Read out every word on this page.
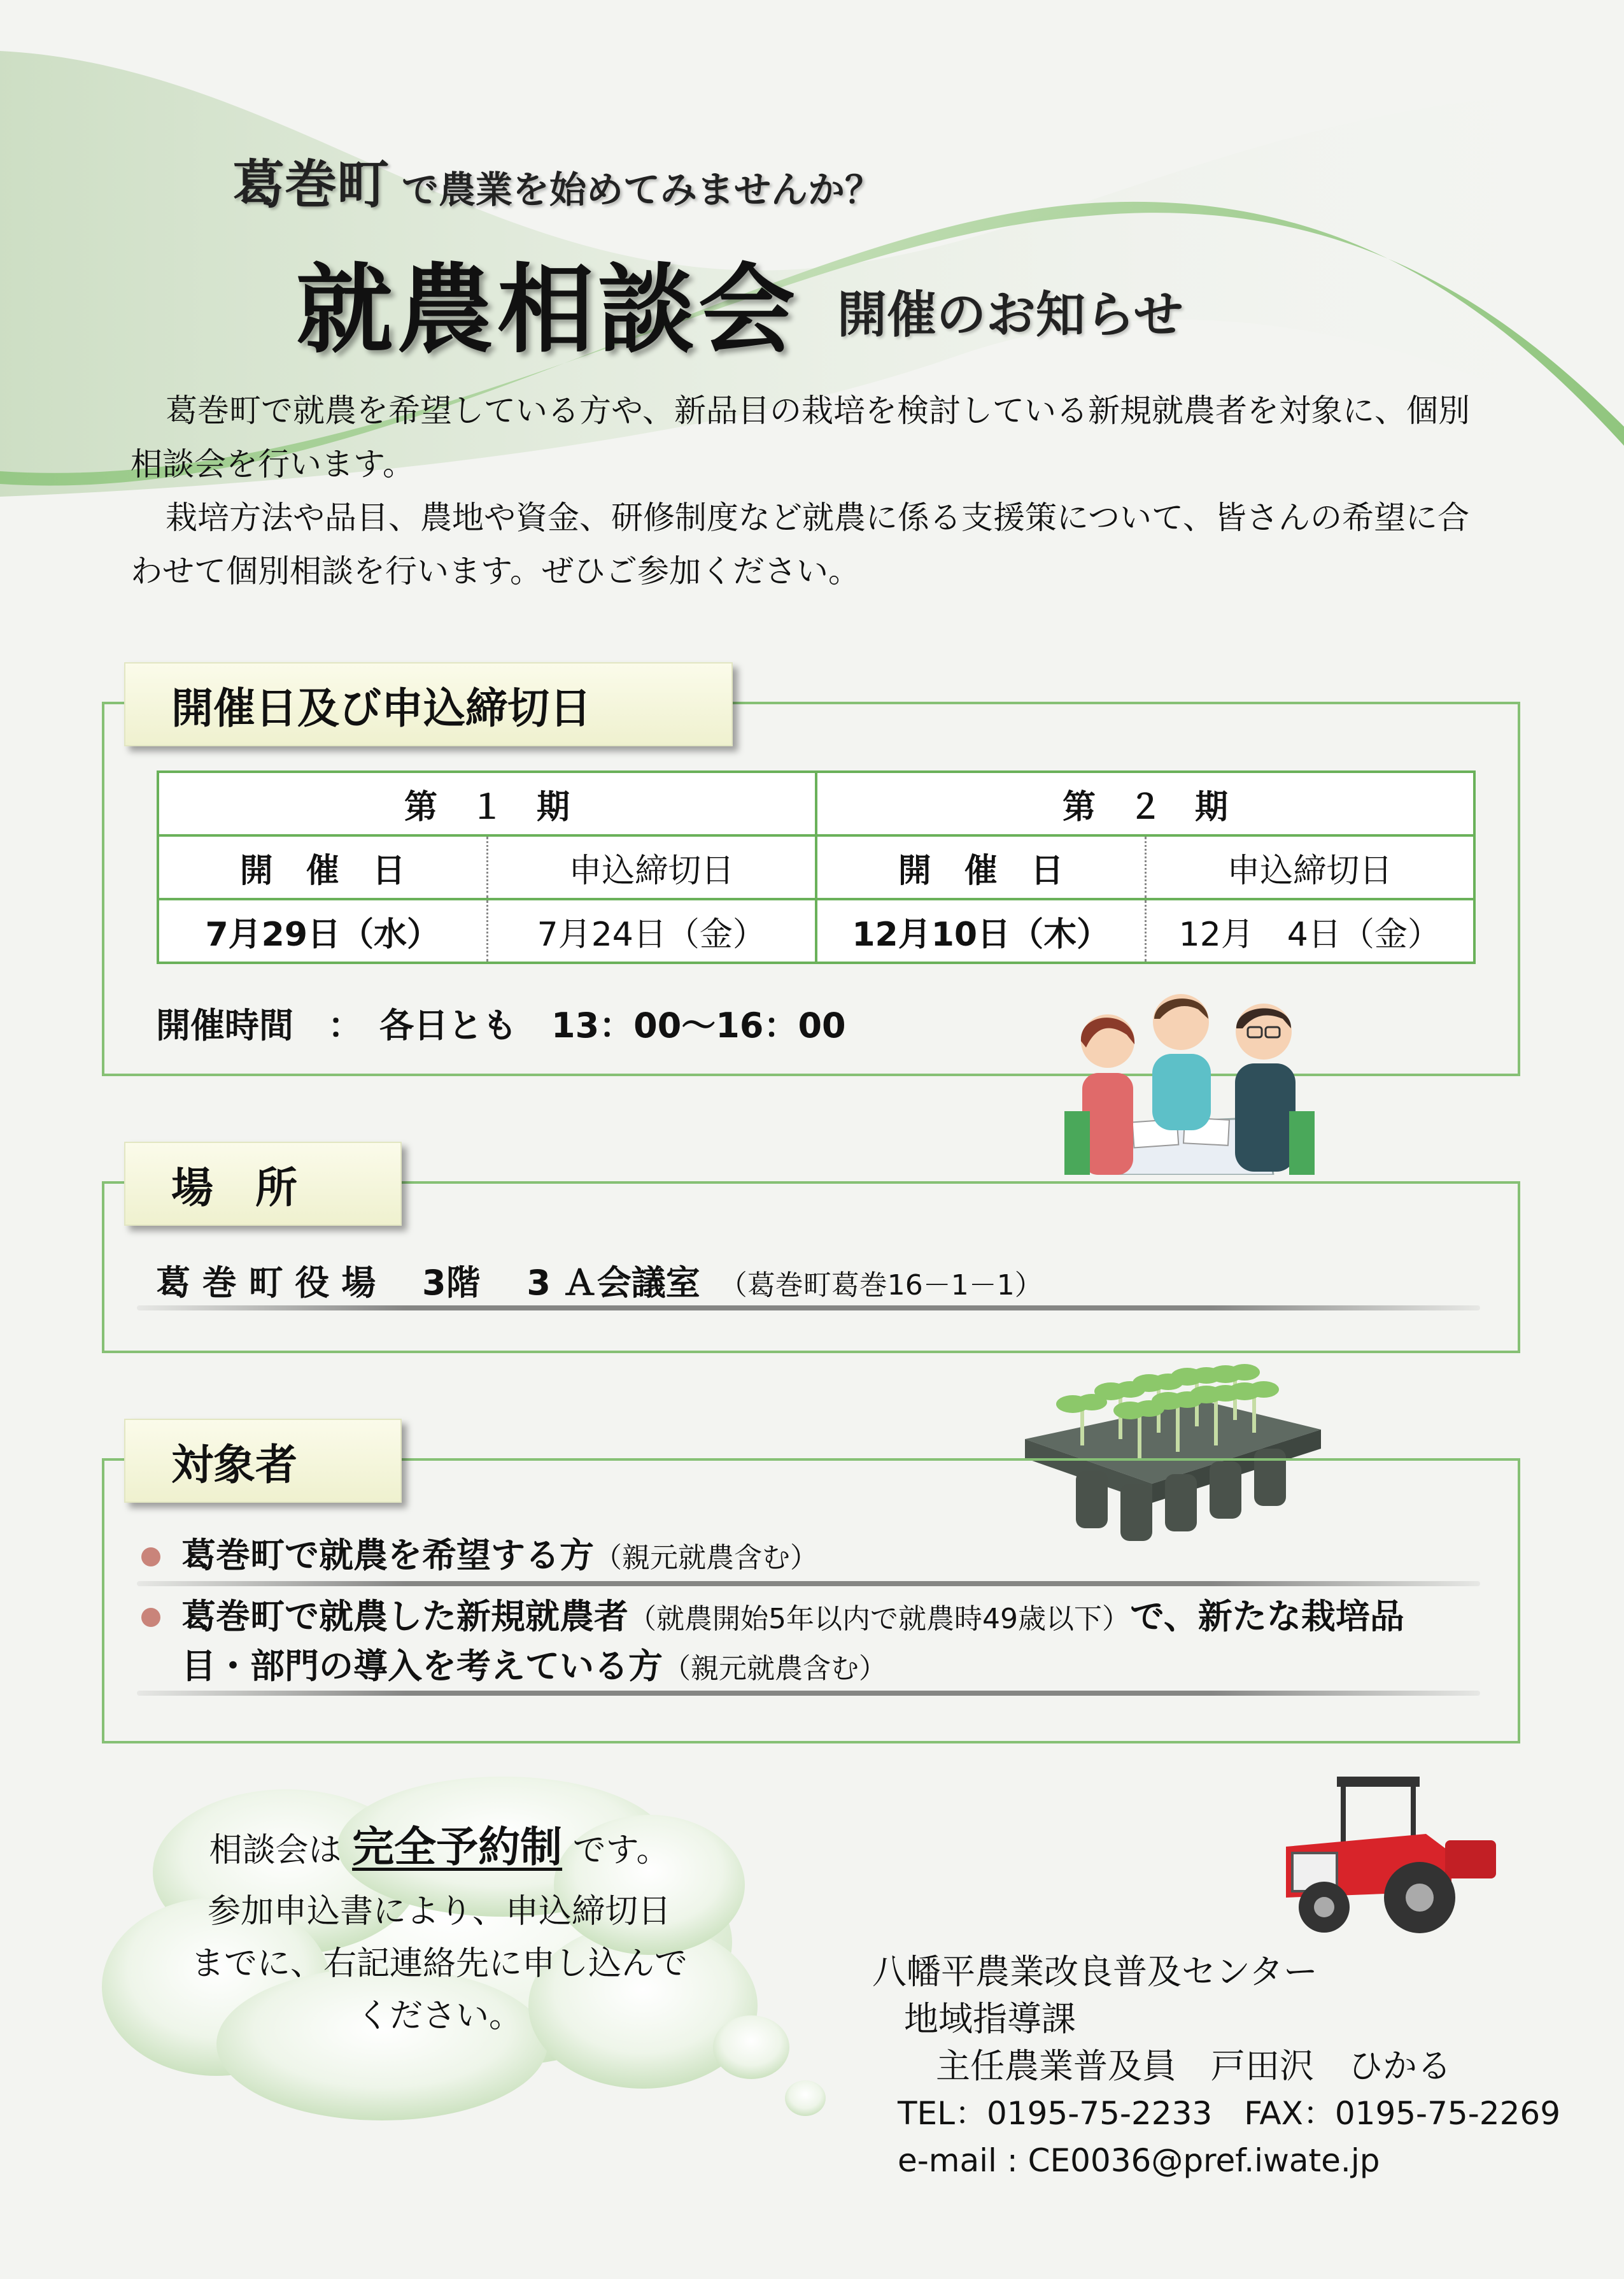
葛巻町 で農業を始めてみませんか？
就農相談会 開催のお知らせ

葛巻町で就農を希望している方や、新品目の栽培を検討している新規就農者を対象に、個別相談会を行います。

栽培方法や品目、農地や資金、研修制度など就農に係る支援策について、皆さんの希望に合わせて個別相談を行います。ぜひご参加ください。

開催日及び申込締切日
第　１　期		第　２　期	
開　催　日	申込締切日	開　催　日	申込締切日
7月29日（水）	7月24日（金）	12月10日（木）	12月　4日（金）
開催時間　：　各日とも　13：00～16：00
場　所
葛 巻 町 役 場　 3階　 3 Ａ会議室 （葛巻町葛巻16－1－1）
対象者
葛巻町で就農を希望する方（親元就農含む）
葛巻町で就農した新規就農者（就農開始5年以内で就農時49歳以下）で、新たな栽培品
目・部門の導入を考えている方（親元就農含む）
相談会は 完全予約制 です。
参加申込書により、申込締切日
までに、右記連絡先に申し込んで
ください。
八幡平農業改良普及センター
地域指導課
主任農業普及員　戸田沢　ひかる
TEL：0195-75-2233　FAX：0195-75-2269
e-mail : CE0036@pref.iwate.jp
